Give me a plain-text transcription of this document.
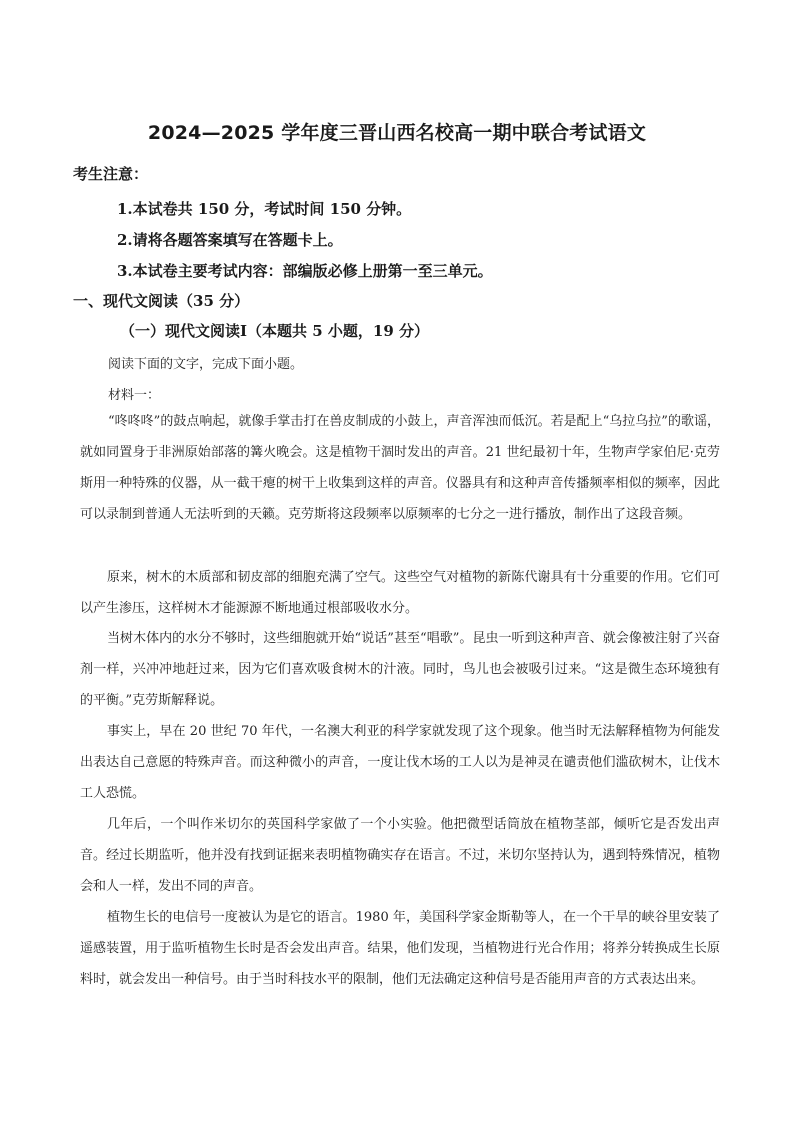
2024—2025 学年度三晋山西名校高一期中联合考试语文
考生注意：
1.本试卷共 150 分，考试时间 150 分钟。
2.请将各题答案填写在答题卡上。
3.本试卷主要考试内容：部编版必修上册第一至三单元。
一、现代文阅读（35 分）
（一）现代文阅读Ⅰ（本题共 5 小题，19 分）
阅读下面的文字，完成下面小题。
材料一：

“咚咚咚”的鼓点响起，就像手掌击打在兽皮制成的小鼓上，声音浑浊而低沉。若是配上“乌拉乌拉”的歌谣，就如同置身于非洲原始部落的篝火晚会。这是植物干涸时发出的声音。21 世纪最初十年，生物声学家伯尼·克劳斯用一种特殊的仪器，从一截干瘪的树干上收集到这样的声音。仪器具有和这种声音传播频率相似的频率，因此可以录制到普通人无法听到的天籁。克劳斯将这段频率以原频率的七分之一进行播放，制作出了这段音频。

原来，树木的木质部和韧皮部的细胞充满了空气。这些空气对植物的新陈代谢具有十分重要的作用。它们可以产生渗压，这样树木才能源源不断地通过根部吸收水分。

当树木体内的水分不够时，这些细胞就开始“说话”甚至“唱歌”。昆虫一听到这种声音、就会像被注射了兴奋剂一样，兴冲冲地赶过来，因为它们喜欢吸食树木的汁液。同时，鸟儿也会被吸引过来。“这是微生态环境独有的平衡。”克劳斯解释说。

事实上，早在 20 世纪 70 年代，一名澳大利亚的科学家就发现了这个现象。他当时无法解释植物为何能发出表达自己意愿的特殊声音。而这种微小的声音，一度让伐木场的工人以为是神灵在谴责他们滥砍树木，让伐木工人恐慌。

几年后，一个叫作米切尔的英国科学家做了一个小实验。他把微型话筒放在植物茎部，倾听它是否发出声音。经过长期监听，他并没有找到证据来表明植物确实存在语言。不过，米切尔坚持认为，遇到特殊情况，植物会和人一样，发出不同的声音。

植物生长的电信号一度被认为是它的语言。1980 年，美国科学家金斯勒等人，在一个干旱的峡谷里安装了遥感装置，用于监听植物生长时是否会发出声音。结果，他们发现，当植物进行光合作用；将养分转换成生长原料时，就会发出一种信号。由于当时科技水平的限制，他们无法确定这种信号是否能用声音的方式表达出来。
